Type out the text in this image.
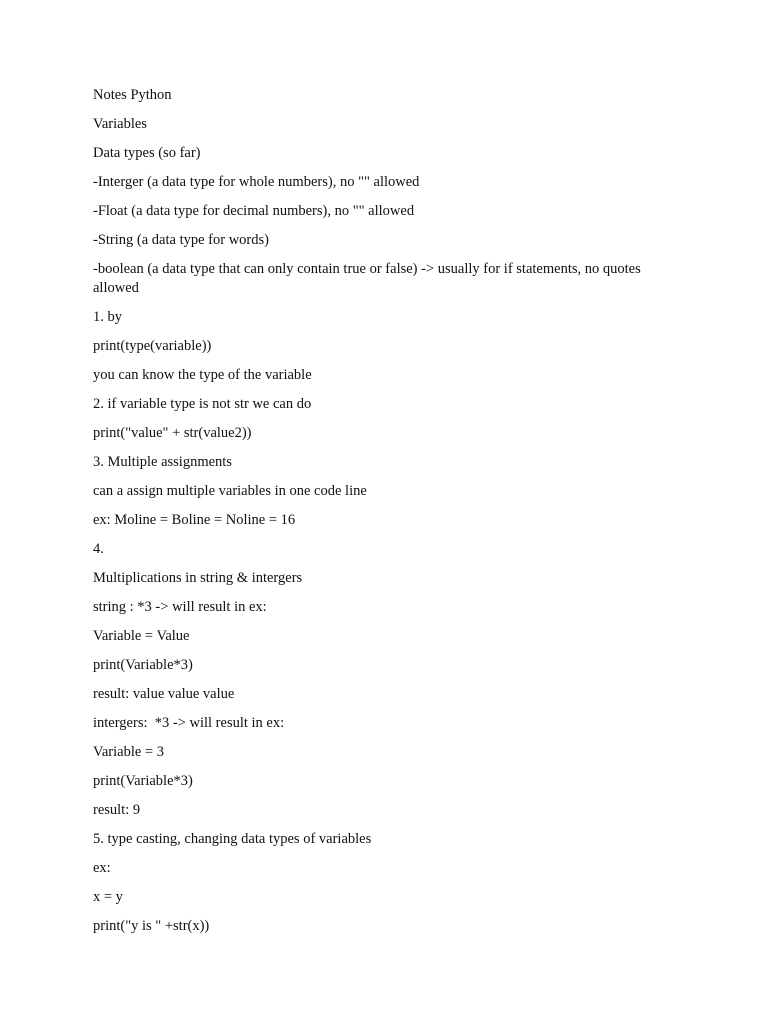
Notes Python
Variables
Data types (so far)
-Interger (a data type for whole numbers), no "" allowed
-Float (a data type for decimal numbers), no "" allowed
-String (a data type for words)
-boolean (a data type that can only contain true or false) -> usually for if statements, no quotes allowed
1. by
print(type(variable))
you can know the type of the variable
2. if variable type is not str we can do
print("value" + str(value2))
3. Multiple assignments
can a assign multiple variables in one code line
ex: Moline = Boline = Noline = 16
4.
Multiplications in string & intergers
string : *3 -> will result in ex:
Variable = Value
print(Variable*3)
result: value value value
intergers:  *3 -> will result in ex:
Variable = 3
print(Variable*3)
result: 9
5. type casting, changing data types of variables
ex:
x = y
print("y is " +str(x))
